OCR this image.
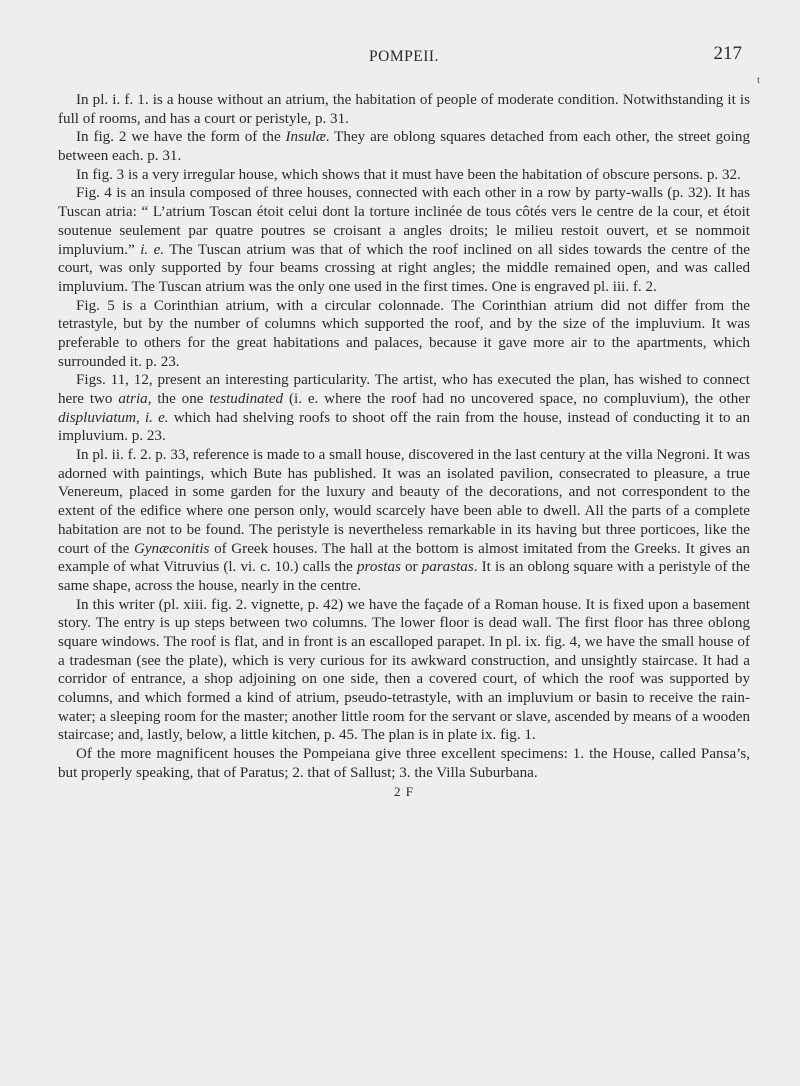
POMPEII.	217
t

In pl. i. f. 1. is a house without an atrium, the habitation of people of moderate condition. Notwithstanding it is full of rooms, and has a court or peristyle, p. 31.

In fig. 2 we have the form of the Insulæ. They are oblong squares detached from each other, the street going between each. p. 31.

In fig. 3 is a very irregular house, which shows that it must have been the habitation of obscure persons. p. 32.

Fig. 4 is an insula composed of three houses, connected with each other in a row by party-walls (p. 32). It has Tuscan atria: “ L’atrium Toscan étoit celui dont la torture inclinée de tous côtés vers le centre de la cour, et étoit soutenue seulement par quatre poutres se croisant a angles droits; le milieu restoit ouvert, et se nommoit impluvium.” i. e. The Tuscan atrium was that of which the roof inclined on all sides towards the centre of the court, was only supported by four beams crossing at right angles; the middle remained open, and was called impluvium. The Tuscan atrium was the only one used in the first times. One is engraved pl. iii. f. 2.

Fig. 5 is a Corinthian atrium, with a circular colonnade. The Corinthian atrium did not differ from the tetrastyle, but by the number of columns which supported the roof, and by the size of the impluvium. It was preferable to others for the great habitations and palaces, because it gave more air to the apartments, which surrounded it. p. 23.

Figs. 11, 12, present an interesting particularity. The artist, who has executed the plan, has wished to connect here two atria, the one testudinated (i. e. where the roof had no uncovered space, no compluvium), the other displuviatum, i. e. which had shelving roofs to shoot off the rain from the house, instead of conducting it to an impluvium. p. 23.

In pl. ii. f. 2. p. 33, reference is made to a small house, discovered in the last century at the villa Negroni. It was adorned with paintings, which Bute has published. It was an isolated pavilion, consecrated to pleasure, a true Venereum, placed in some garden for the luxury and beauty of the decorations, and not correspondent to the extent of the edifice where one person only, would scarcely have been able to dwell. All the parts of a complete habitation are not to be found. The peristyle is nevertheless remarkable in its having but three porticoes, like the court of the Gynæconitis of Greek houses. The hall at the bottom is almost imitated from the Greeks. It gives an example of what Vitruvius (l. vi. c. 10.) calls the prostas or parastas. It is an oblong square with a peristyle of the same shape, across the house, nearly in the centre.

In this writer (pl. xiii. fig. 2. vignette, p. 42) we have the façade of a Roman house. It is fixed upon a basement story. The entry is up steps between two columns. The lower floor is dead wall. The first floor has three oblong square windows. The roof is flat, and in front is an escalloped parapet. In pl. ix. fig. 4, we have the small house of a tradesman (see the plate), which is very curious for its awkward construction, and unsightly staircase. It had a corridor of entrance, a shop adjoining on one side, then a covered court, of which the roof was supported by columns, and which formed a kind of atrium, pseudo-tetrastyle, with an impluvium or basin to receive the rain-water; a sleeping room for the master; another little room for the servant or slave, ascended by means of a wooden staircase; and, lastly, below, a little kitchen, p. 45. The plan is in plate ix. fig. 1.

Of the more magnificent houses the Pompeiana give three excellent specimens: 1. the House, called Pansa’s, but properly speaking, that of Paratus; 2. that of Sallust; 3. the Villa Suburbana.

2 F
